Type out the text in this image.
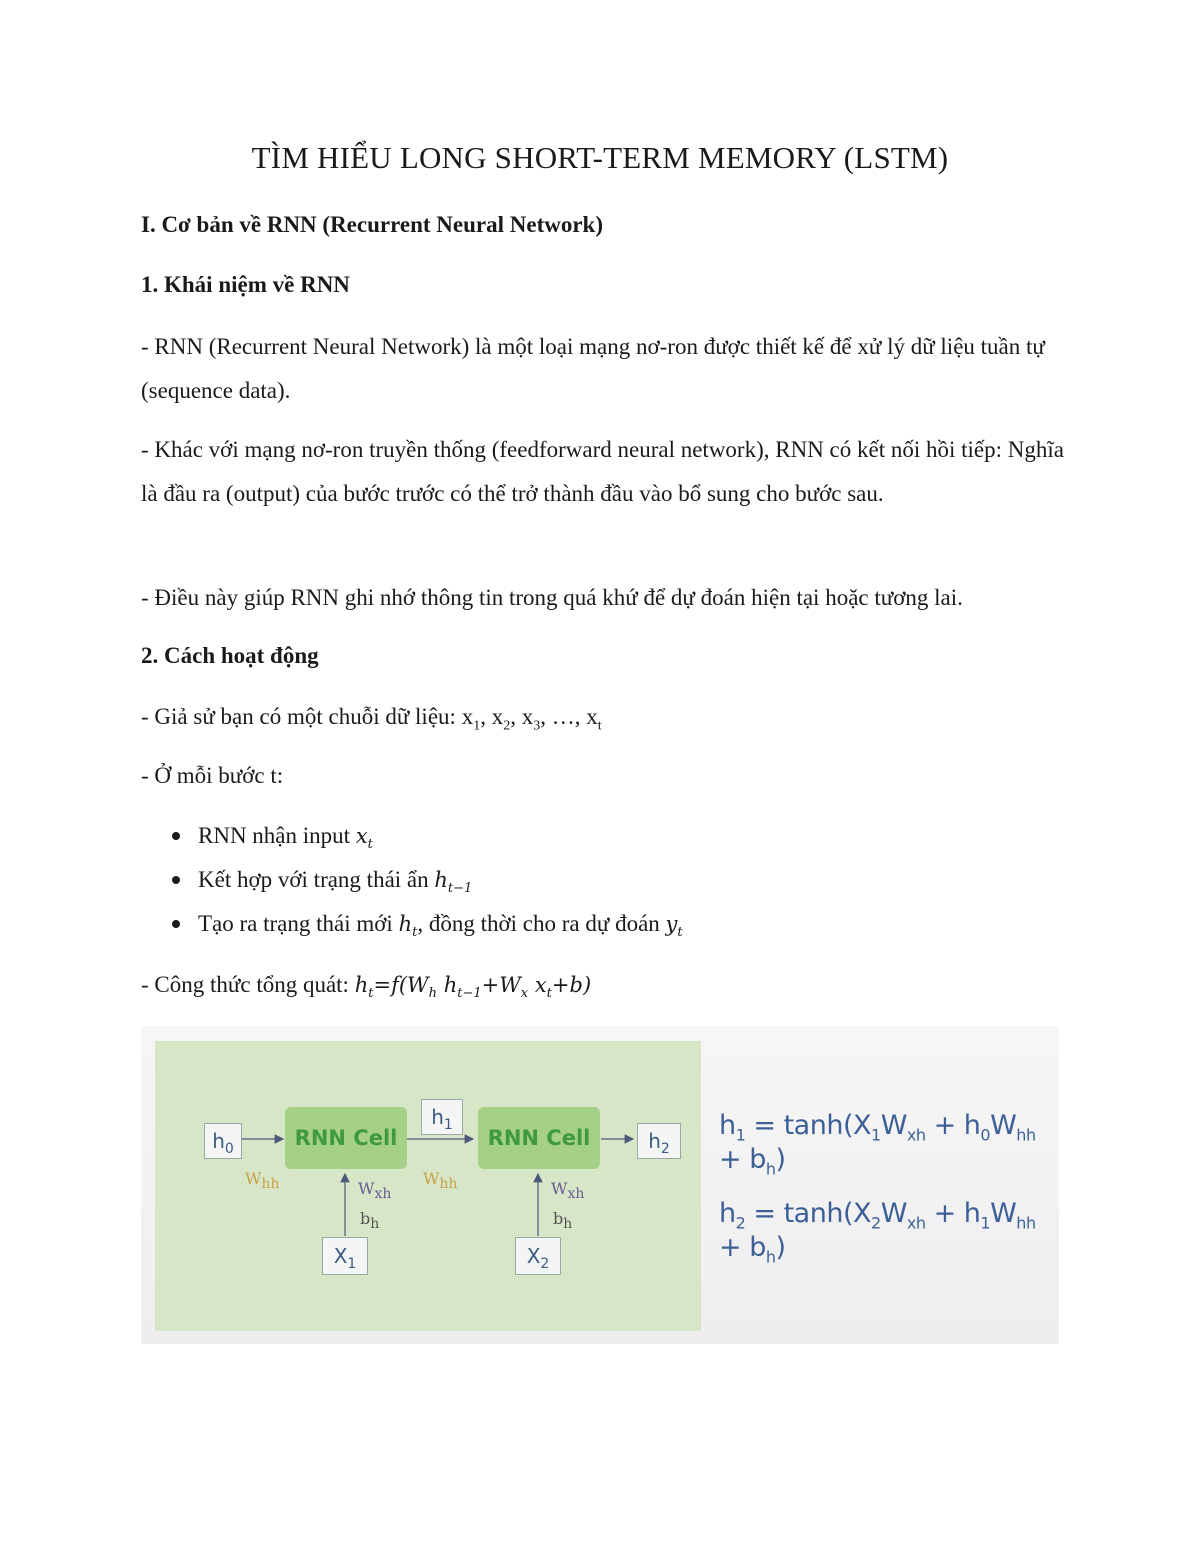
TÌM HIỂU LONG SHORT-TERM MEMORY (LSTM)
I. Cơ bản về RNN (Recurrent Neural Network)
1. Khái niệm về RNN

- RNN (Recurrent Neural Network) là một loại mạng nơ-ron được thiết kế để xử lý dữ liệu tuần tự (sequence data).

- Khác với mạng nơ-ron truyền thống (feedforward neural network), RNN có kết nối hồi tiếp: Nghĩa là đầu ra (output) của bước trước có thể trở thành đầu vào bổ sung cho bước sau.

- Điều này giúp RNN ghi nhớ thông tin trong quá khứ để dự đoán hiện tại hoặc tương lai.

2. Cách hoạt động

- Giả sử bạn có một chuỗi dữ liệu: $x_1$, $x_2$, $x_3$, …, $x_t$

- Ở mỗi bước t:

RNN nhận input $x_t$
Kết hợp với trạng thái ẩn $h_{t-1}$
Tạo ra trạng thái mới $h_t$, đồng thời cho ra dự đoán $y_t$

- Công thức tổng quát: $h_t=f(W_h$ $h_{t-1}+W_x$ $x_t+b$)

$h_0$	RNN Cell
$h_1$
RNN Cell	$h_2$
$W_{hh}$	$W_{hh}$
$W_{xh}$	$W_{xh}$
$b_h$	$b_h$
$X_1$	$X_2$
$h_1 = \tanh(X_1W_{xh} + h_0W_{hh} + b_h)$
$h_2 = \tanh(X_2W_{xh} + h_1W_{hh} + b_h)$
